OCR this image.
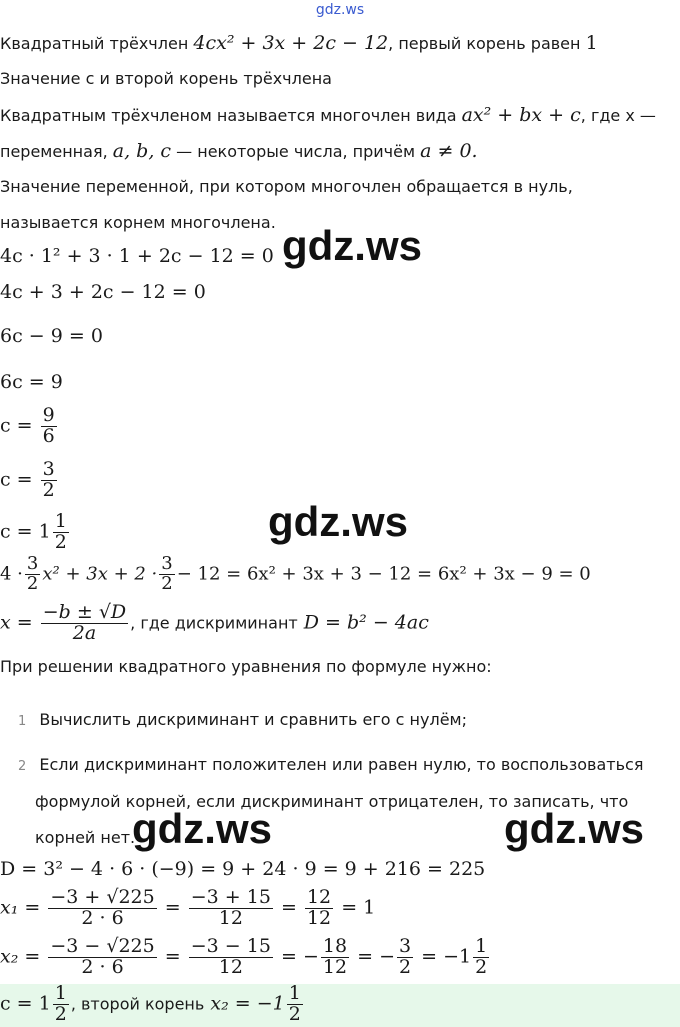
gdz.ws
Квадратный трёхчлен 4cx² + 3x + 2c − 12, первый корень равен 1
Значение c и второй корень трёхчлена
Квадратным трёхчленом называется многочлен вида ax² + bx + c, где x —
переменная, a, b, c — некоторые числа, причём a ≠ 0.
Значение переменной, при котором многочлен обращается в нуль,
называется корнем многочлена.
4c · 1² + 3 · 1 + 2c − 12 = 0
4c + 3 + 2c − 12 = 0
6c − 9 = 0
6c = 9
$c = \frac{9}{6}$
$c = \frac{3}{2}$
$c = 1 \frac{1}{2}$
$4 \cdot \frac{3}{2} x^2 + 3x + 2 \cdot \frac{3}{2} - 12 = 6x^2 + 3x + 3 - 12 = 6x^2 + 3x - 9 = 0$
$x = \frac{-b \pm √D}{2a}$ , где дискриминант D = b² − 4ac
При решении квадратного уравнения по формуле нужно:
1 Вычислить дискриминант и сравнить его с нулём;
2 Если дискриминант положителен или равен нулю, то воспользоваться
формулой корней, если дискриминант отрицателен, то записать, что
корней нет.
D = 3² − 4 · 6 · (−9) = 9 + 24 · 9 = 9 + 216 = 225
$x_1 = \frac{-3 + √225}{2 \cdot 6} = \frac{-3 + 15}{12} = \frac{12}{12} = 1$
$x_2 = \frac{-3 - √225}{2 \cdot 6} = \frac{-3 - 15}{12}$ = − $\frac{18}{12}$ = − $\frac{3}{2} = -1 \frac{1}{2}$
$c = 1 \frac{1}{2}$ , второй корень $x_2 = -1 \frac{1}{2}$
gdz.ws
gdz.ws
gdz.ws	gdz.ws
